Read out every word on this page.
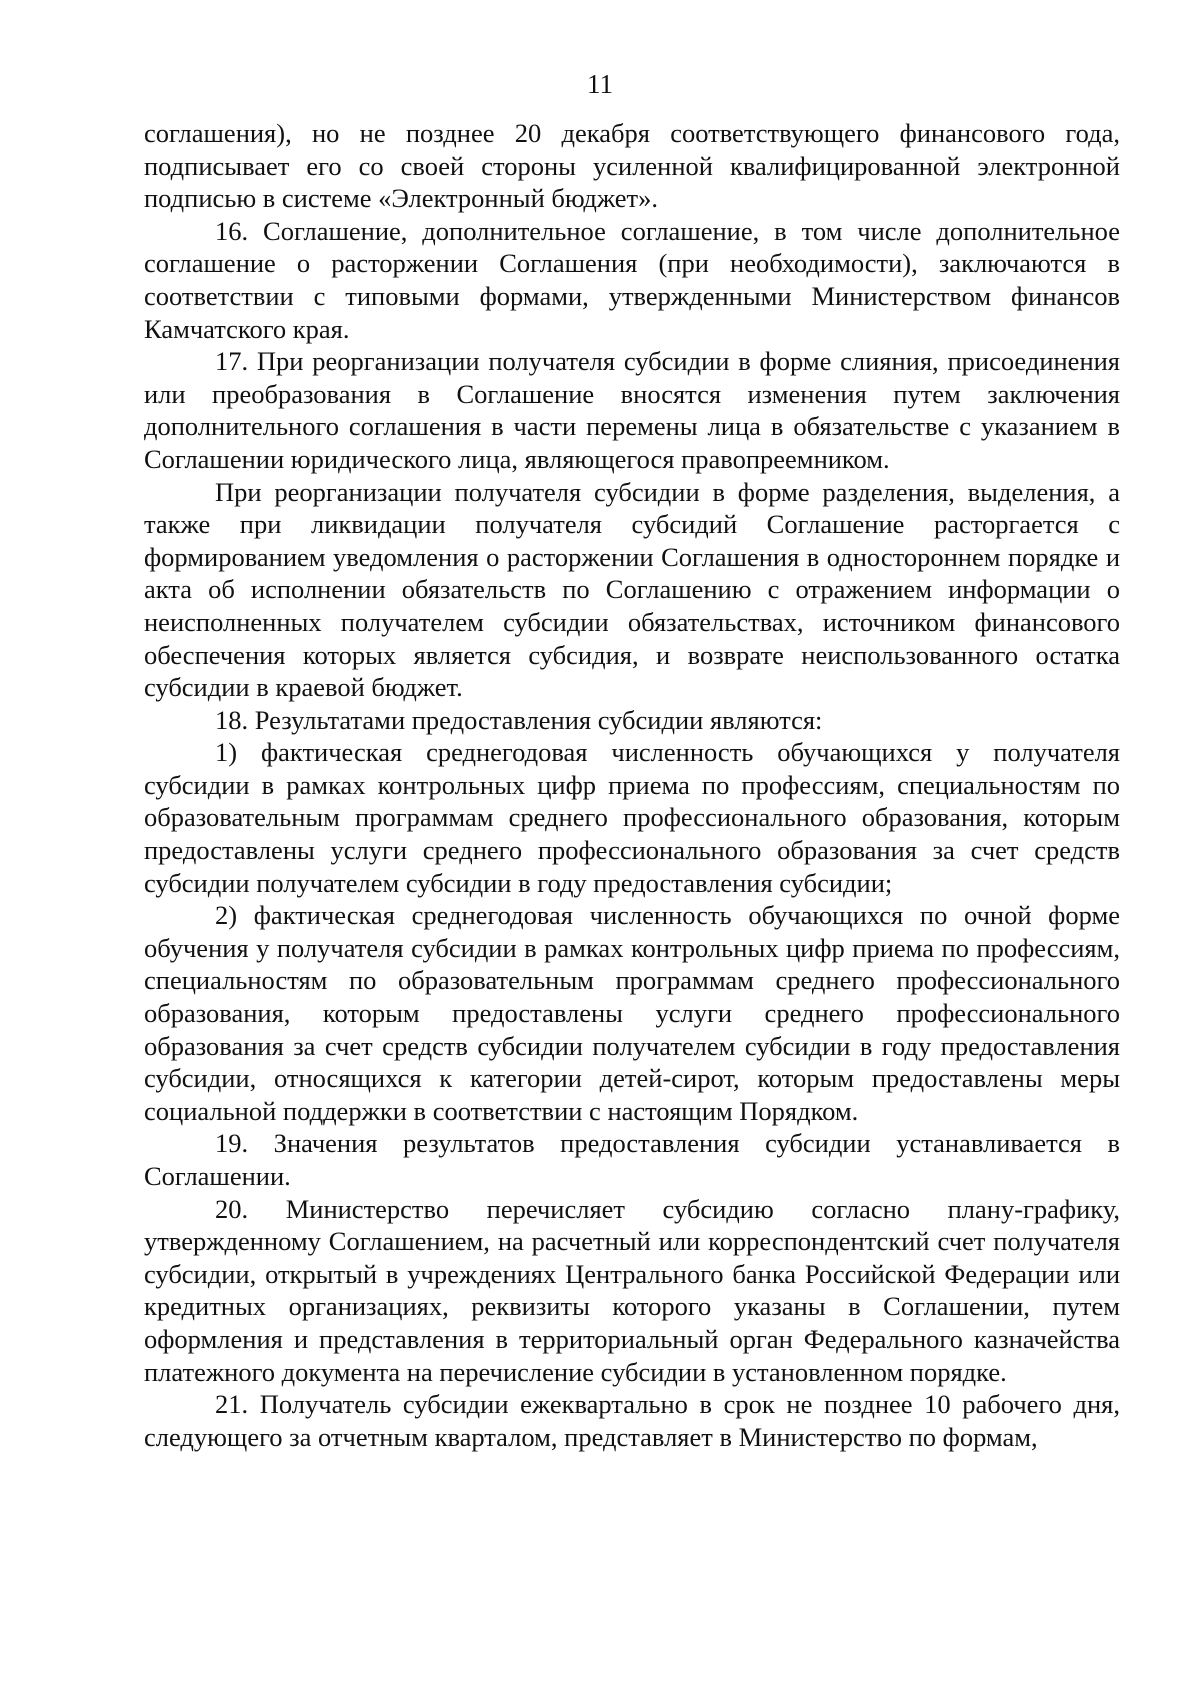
11

соглашения), но не позднее 20 декабря соответствующего финансового года, подписывает его со своей стороны усиленной квалифицированной электронной подписью в системе «Электронный бюджет».

16. Соглашение, дополнительное соглашение, в том числе дополнительное соглашение о расторжении Соглашения (при необходимости), заключаются в соответствии с типовыми формами, утвержденными Министерством финансов Камчатского края.

17. При реорганизации получателя субсидии в форме слияния, присоединения или преобразования в Соглашение вносятся изменения путем заключения дополнительного соглашения в части перемены лица в обязательстве с указанием в Соглашении юридического лица, являющегося правопреемником.

При реорганизации получателя субсидии в форме разделения, выделения, а также при ликвидации получателя субсидий Соглашение расторгается с формированием уведомления о расторжении Соглашения в одностороннем порядке и акта об исполнении обязательств по Соглашению с отражением информации о неисполненных получателем субсидии обязательствах, источником финансового обеспечения которых является субсидия, и возврате неиспользованного остатка субсидии в краевой бюджет.

18. Результатами предоставления субсидии являются:

1) фактическая среднегодовая численность обучающихся у получателя субсидии в рамках контрольных цифр приема по профессиям, специальностям по образовательным программам среднего профессионального образования, которым предоставлены услуги среднего профессионального образования за счет средств субсидии получателем субсидии в году предоставления субсидии;

2) фактическая среднегодовая численность обучающихся по очной форме обучения у получателя субсидии в рамках контрольных цифр приема по профессиям, специальностям по образовательным программам среднего профессионального образования, которым предоставлены услуги среднего профессионального образования за счет средств субсидии получателем субсидии в году предоставления субсидии, относящихся к категории детей-сирот, которым предоставлены меры социальной поддержки в соответствии с настоящим Порядком.

19. Значения результатов предоставления субсидии устанавливается в Соглашении.

20. Министерство перечисляет субсидию согласно плану-графику, утвержденному Соглашением, на расчетный или корреспондентский счет получателя субсидии, открытый в учреждениях Центрального банка Российской Федерации или кредитных организациях, реквизиты которого указаны в Соглашении, путем оформления и представления в территориальный орган Федерального казначейства платежного документа на перечисление субсидии в установленном порядке.

21. Получатель субсидии ежеквартально в срок не позднее 10 рабочего дня, следующего за отчетным кварталом, представляет в Министерство по формам,
